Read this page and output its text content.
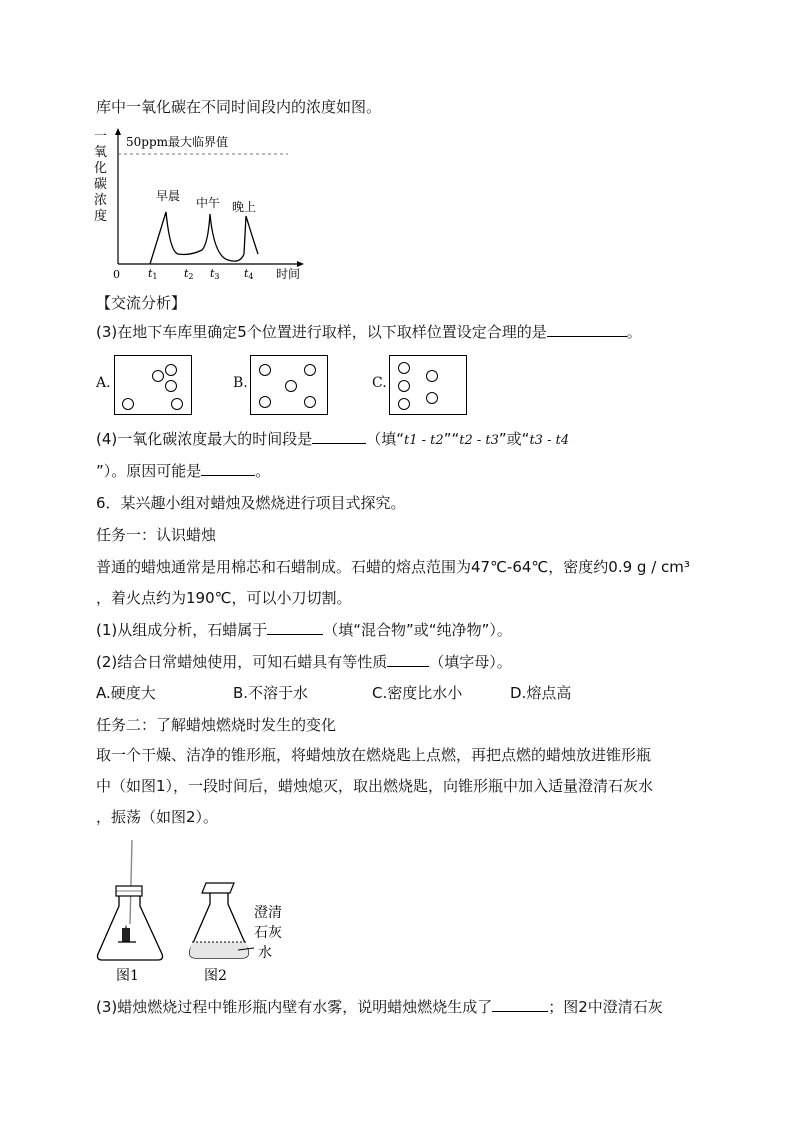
库中一氧化碳在不同时间段内的浓度如图。
一
氧
化
碳
浓
度
50ppm最大临界值
早晨 中午 晚上
0	t1 t2 t3 t4 时间
【交流分析】
(3)在地下车库里确定5个位置进行取样，以下取样位置设定合理的是	。
A.	B.	C.
(4)一氧化碳浓度最大的时间段是	（填“t1 - t2”“t2 - t3”或“t3 - t4
”）。原因可能是	。
6．某兴趣小组对蜡烛及燃烧进行项目式探究。
任务一：认识蜡烛
普通的蜡烛通常是用棉芯和石蜡制成。石蜡的熔点范围为47℃-64℃，密度约0.9 g / cm³
，着火点约为190℃，可以小刀切割。
(1)从组成分析，石蜡属于	（填“混合物”或“纯净物”）。
(2)结合日常蜡烛使用，可知石蜡具有等性质	（填字母）。
A.硬度大	B.不溶于水	C.密度比水小	D.熔点高
任务二：了解蜡烛燃烧时发生的变化
取一个干燥、洁净的锥形瓶，将蜡烛放在燃烧匙上点燃，再把点燃的蜡烛放进锥形瓶
中（如图1），一段时间后，蜡烛熄灭，取出燃烧匙，向锥形瓶中加入适量澄清石灰水
，振荡（如图2）。
澄清
石灰
水
图1	图2
(3)蜡烛燃烧过程中锥形瓶内壁有水雾，说明蜡烛燃烧生成了	；图2中澄清石灰
